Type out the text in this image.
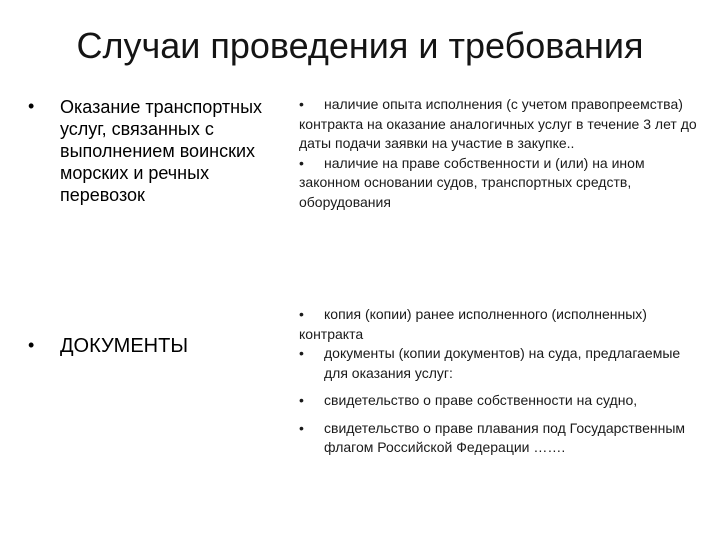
Случаи проведения и требования
• Оказание транспортных услуг, связанных с выполнением воинских морских и речных перевозок
• ДОКУМЕНТЫ

• наличие опыта исполнения (с учетом правопреемства) контракта на оказание аналогичных услуг в течение 3 лет до даты подачи заявки на участие в закупке..

• наличие на праве собственности и (или) на ином законном основании судов, транспортных средств, оборудования

• копия (копии) ранее исполненного (исполненных) контракта

• документы (копии документов) на суда, предлагаемые для оказания услуг:

• свидетельство о праве собственности на судно,

• свидетельство о праве плавания под Государственным флагом Российской Федерации …….
